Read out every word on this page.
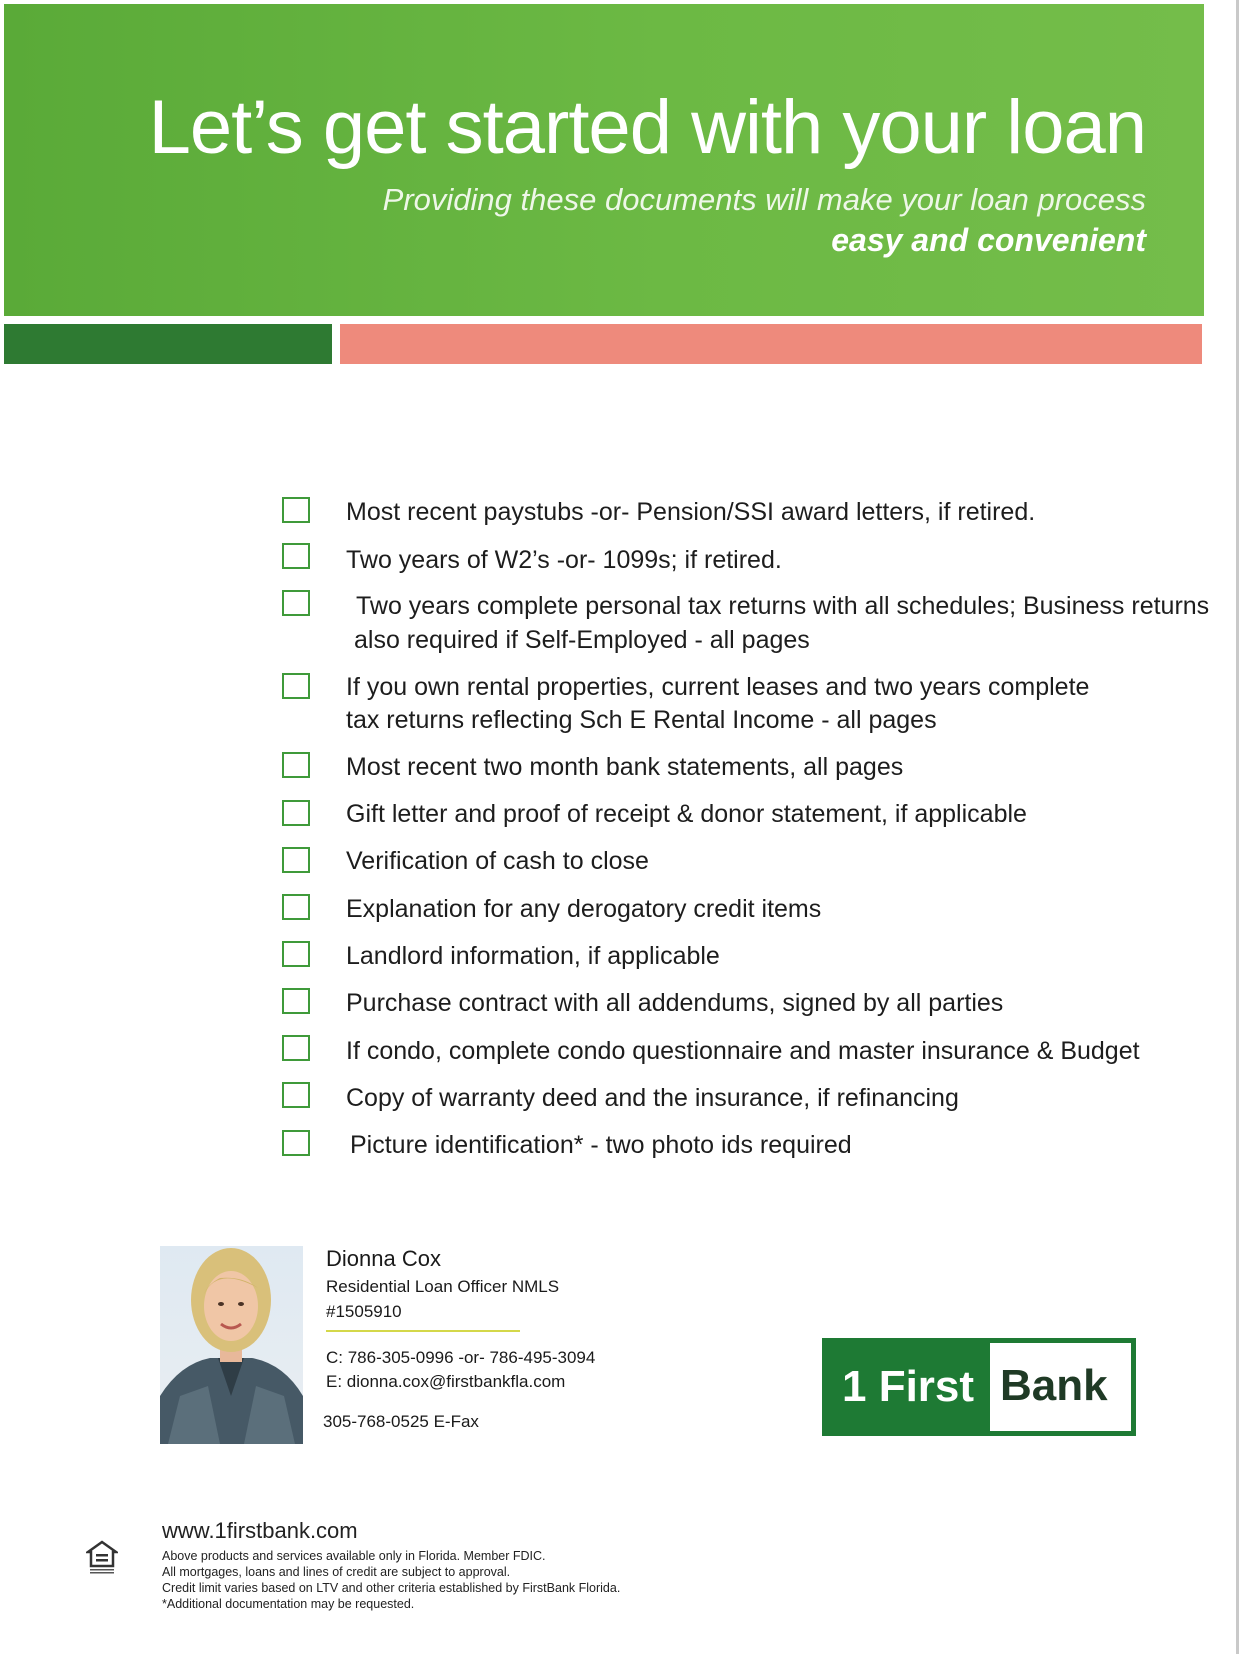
Let’s get started with your loan
Providing these documents will make your loan process
easy and convenient
Most recent paystubs -or- Pension/SSI award letters, if retired.
Two years of W2’s -or- 1099s; if retired.
Two years complete personal tax returns with all schedules; Business returns
also required if Self-Employed - all pages
If you own rental properties, current leases and two years complete
tax returns reflecting Sch E Rental Income - all pages
Most recent two month bank statements, all pages
Gift letter and proof of receipt & donor statement, if applicable
Verification of cash to close
Explanation for any derogatory credit items
Landlord information, if applicable
Purchase contract with all addendums, signed by all parties
If condo, complete condo questionnaire and master insurance & Budget
Copy of warranty deed and the insurance, if refinancing
Picture identification* - two photo ids required
Dionna Cox
Residential Loan Officer NMLS
#1505910
C: 786-305-0996 -or- 786-495-3094
E: dionna.cox@firstbankfla.com
305-768-0525 E-Fax
1 First Bank
www.1firstbank.com
Above products and services available only in Florida. Member FDIC.
All mortgages, loans and lines of credit are subject to approval.
Credit limit varies based on LTV and other criteria established by FirstBank Florida.
*Additional documentation may be requested.
